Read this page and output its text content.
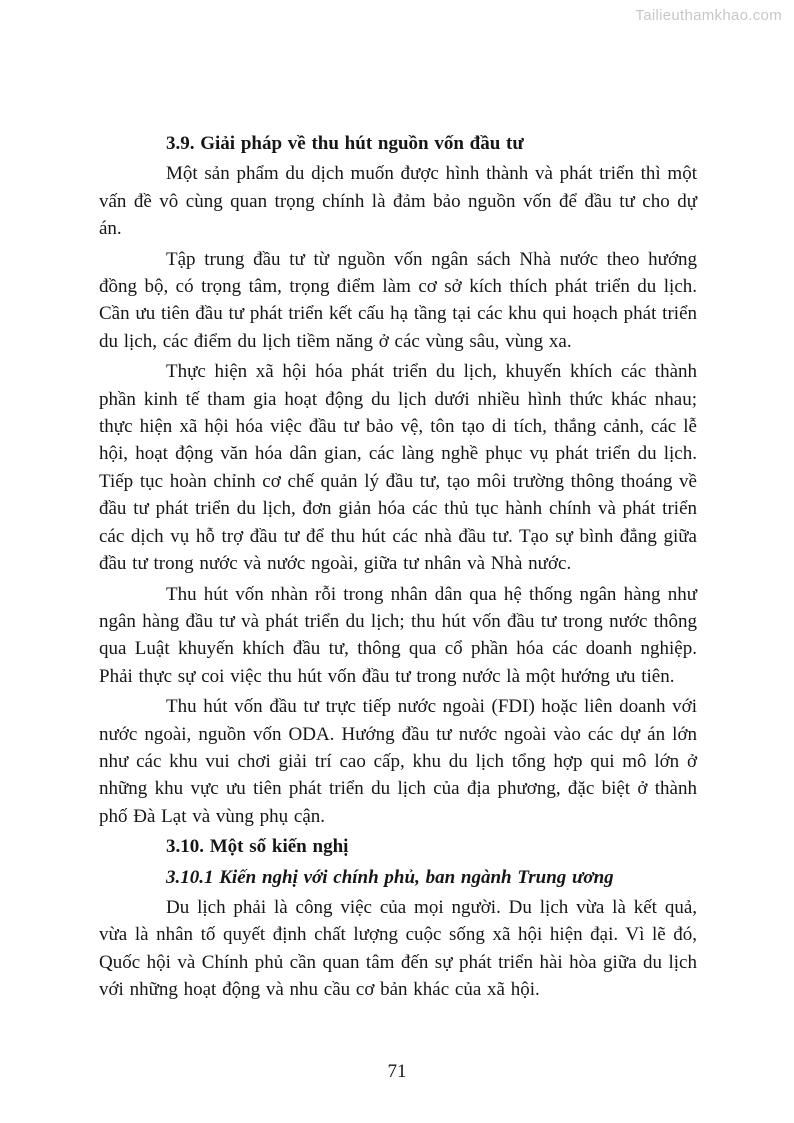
Tailieuthamkhao.com

3.9. Giải pháp về thu hút nguồn vốn đầu tư

Một sản phẩm du dịch muốn được hình thành và phát triển thì một vấn đề vô cùng quan trọng chính là đảm bảo nguồn vốn để đầu tư cho dự án.

Tập trung đầu tư từ nguồn vốn ngân sách Nhà nước theo hướng đồng bộ, có trọng tâm, trọng điểm làm cơ sở kích thích phát triển du lịch. Cần ưu tiên đầu tư phát triển kết cấu hạ tầng tại các khu qui hoạch phát triển du lịch, các điểm du lịch tiềm năng ở các vùng sâu, vùng xa.

Thực hiện xã hội hóa phát triển du lịch, khuyến khích các thành phần kinh tế tham gia hoạt động du lịch dưới nhiều hình thức khác nhau; thực hiện xã hội hóa việc đầu tư bảo vệ, tôn tạo di tích, thắng cảnh, các lễ hội, hoạt động văn hóa dân gian, các làng nghề phục vụ phát triển du lịch. Tiếp tục hoàn chỉnh cơ chế quản lý đầu tư, tạo môi trường thông thoáng về đầu tư phát triển du lịch, đơn giản hóa các thủ tục hành chính và phát triển các dịch vụ hỗ trợ đầu tư để thu hút các nhà đầu tư. Tạo sự bình đẳng giữa đầu tư trong nước và nước ngoài, giữa tư nhân và Nhà nước.

Thu hút vốn nhàn rỗi trong nhân dân qua hệ thống ngân hàng như ngân hàng đầu tư và phát triển du lịch; thu hút vốn đầu tư trong nước thông qua Luật khuyến khích đầu tư, thông qua cổ phần hóa các doanh nghiệp. Phải thực sự coi việc thu hút vốn đầu tư trong nước là một hướng ưu tiên.

Thu hút vốn đầu tư trực tiếp nước ngoài (FDI) hoặc liên doanh với nước ngoài, nguồn vốn ODA. Hướng đầu tư nước ngoài vào các dự án lớn như các khu vui chơi giải trí cao cấp, khu du lịch tổng hợp qui mô lớn ở những khu vực ưu tiên phát triển du lịch của địa phương, đặc biệt ở thành phố Đà Lạt và vùng phụ cận.

3.10. Một số kiến nghị

3.10.1 Kiến nghị với chính phủ, ban ngành Trung ương

Du lịch phải là công việc của mọi người. Du lịch vừa là kết quả, vừa là nhân tố quyết định chất lượng cuộc sống xã hội hiện đại. Vì lẽ đó, Quốc hội và Chính phủ cần quan tâm đến sự phát triển hài hòa giữa du lịch với những hoạt động và nhu cầu cơ bản khác của xã hội.

71
